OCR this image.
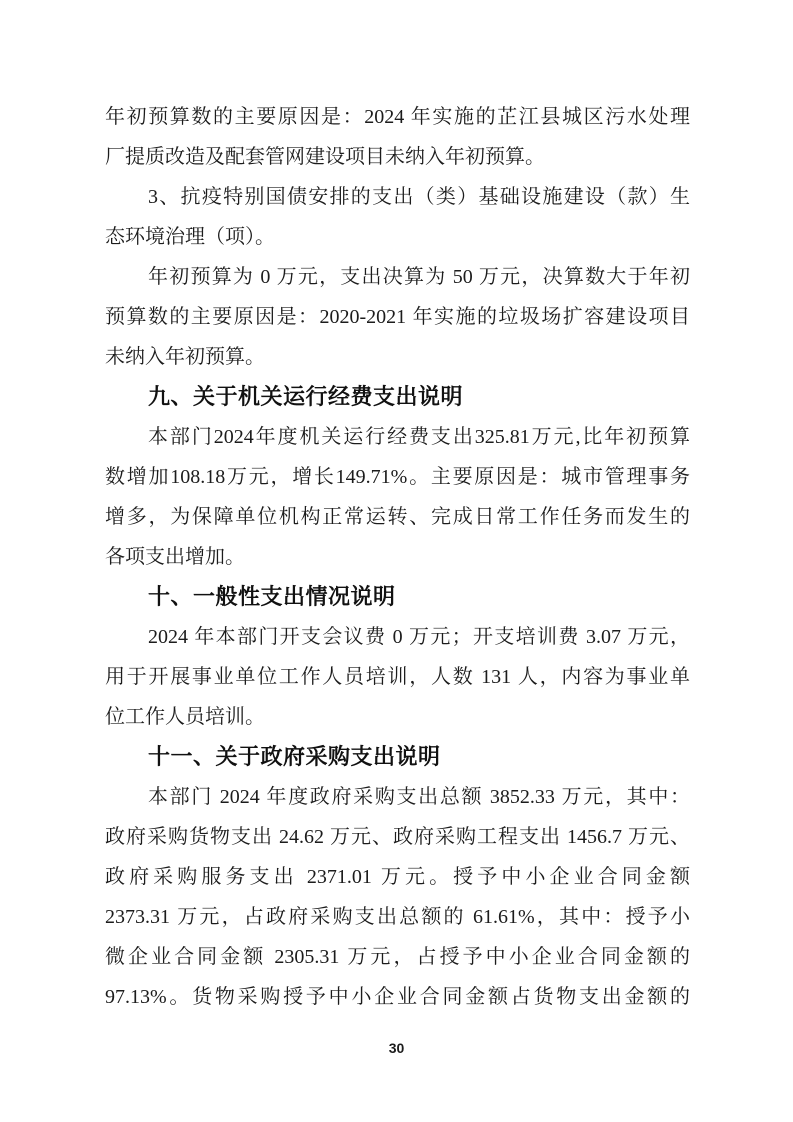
年初预算数的主要原因是：2024 年实施的芷江县城区污水处理
厂提质改造及配套管网建设项目未纳入年初预算。
3、抗疫特别国债安排的支出（类）基础设施建设（款）生
态环境治理（项）。
年初预算为 0 万元，支出决算为 50 万元，决算数大于年初
预算数的主要原因是：2020-2021 年实施的垃圾场扩容建设项目
未纳入年初预算。
九、关于机关运行经费支出说明
本部门2024年度机关运行经费支出325.81万元,比年初预算
数增加108.18万元，增长149.71%。主要原因是：城市管理事务
增多，为保障单位机构正常运转、完成日常工作任务而发生的
各项支出增加。
十、一般性支出情况说明
2024 年本部门开支会议费 0 万元；开支培训费 3.07 万元，
用于开展事业单位工作人员培训，人数 131 人，内容为事业单
位工作人员培训。
十一、关于政府采购支出说明
本部门 2024 年度政府采购支出总额 3852.33 万元，其中：
政府采购货物支出 24.62 万元、政府采购工程支出 1456.7 万元、
政府采购服务支出 2371.01 万元。授予中小企业合同金额
2373.31 万元，占政府采购支出总额的 61.61%，其中：授予小
微企业合同金额 2305.31 万元，占授予中小企业合同金额的
97.13%。货物采购授予中小企业合同金额占货物支出金额的
30
